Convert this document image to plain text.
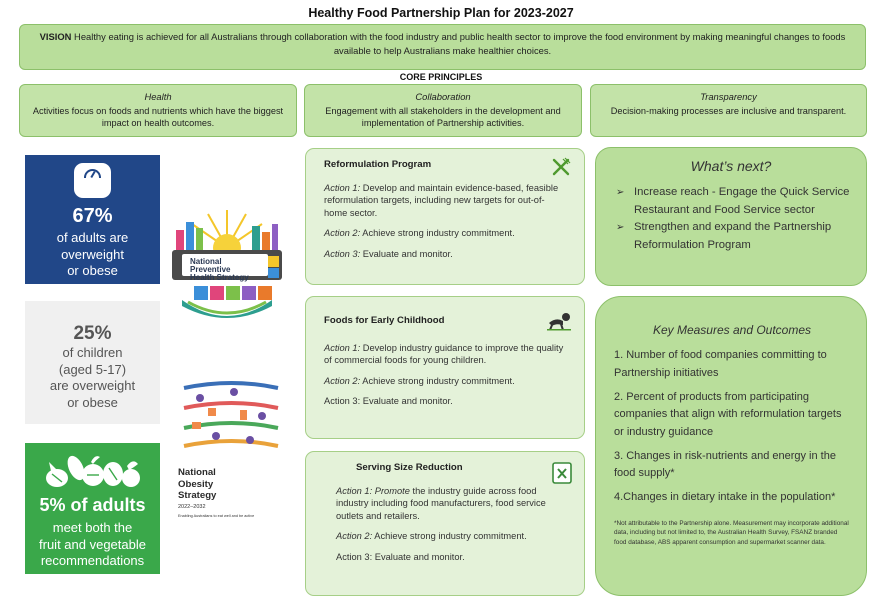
Healthy Food Partnership Plan for 2023-2027
VISION Healthy eating is achieved for all Australians through collaboration with the food industry and public health sector to improve the food environment by making meaningful changes to foods available to help Australians make healthier choices.
CORE PRINCIPLES
Health
Activities focus on foods and nutrients which have the biggest impact on health outcomes.
Collaboration
Engagement with all stakeholders in the development and implementation of Partnership activities.
Transparency
Decision-making processes are inclusive and transparent.
67%
of adults are
overweight
or obese
25%
of children
(aged 5-17)
are overweight
or obese
5% of adults
meet both the
fruit and vegetable
recommendations
National
Preventive
Health Strategy
National
Obesity
Strategy
2022–2032
Enabling Australians to eat well and be active
Reformulation Program

Action 1: Develop and maintain evidence-based, feasible reformulation targets, including new targets for out-of-home sector.

Action 2: Achieve strong industry commitment.

Action 3: Evaluate and monitor.

Foods for Early Childhood

Action 1: Develop industry guidance to improve the quality of commercial foods for young children.

Action 2: Achieve strong industry commitment.

Action 3: Evaluate and monitor.

Serving Size Reduction

Action 1: Promote the industry guide across food industry including food manufacturers, food service outlets and retailers.

Action 2: Achieve strong industry commitment.

Action 3: Evaluate and monitor.

What’s next?
➢ Increase reach - Engage the Quick Service Restaurant and Food Service sector
➢ Strengthen and expand the Partnership Reformulation Program
Key Measures and Outcomes
1. Number of food companies committing to Partnership initiatives
2. Percent of products from participating companies that align with reformulation targets or industry guidance
3. Changes in risk-nutrients and energy in the food supply*
4.Changes in dietary intake in the population*
*Not attributable to the Partnership alone. Measurement may incorporate additional data, including but not limited to, the Australian Health Survey, FSANZ branded food database, ABS apparent consumption and supermarket scanner data.
